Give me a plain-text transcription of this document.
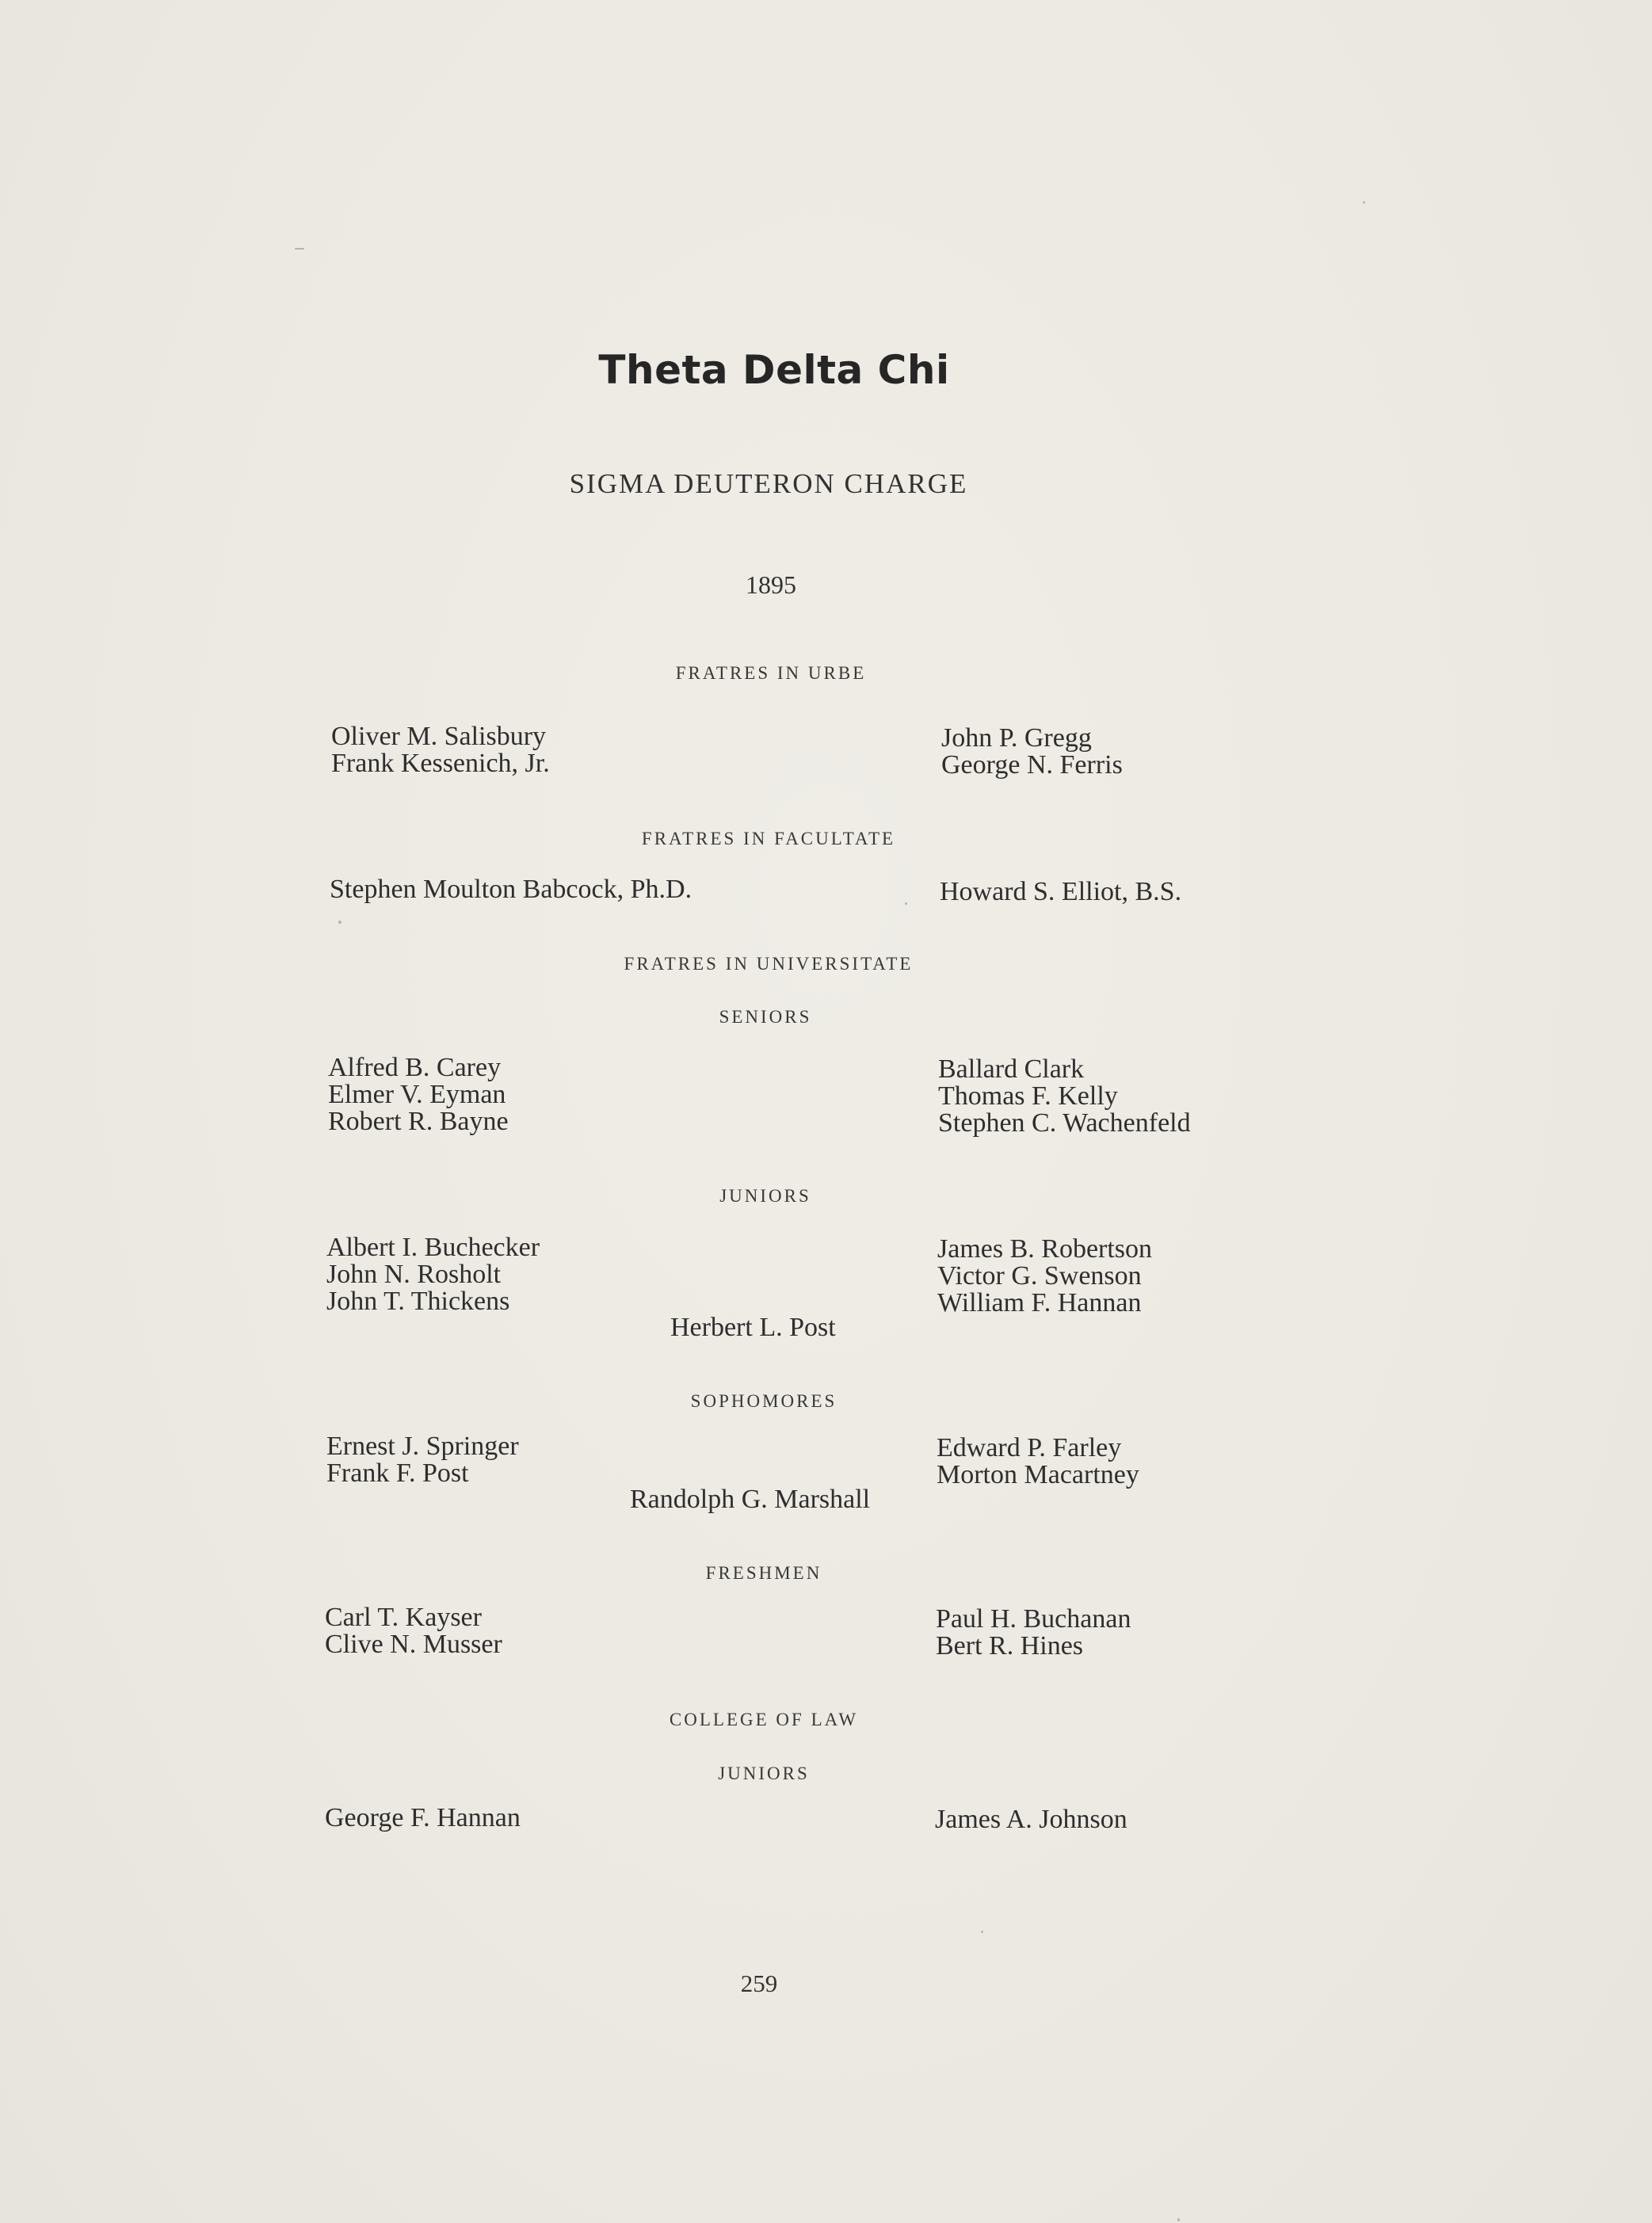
Theta Delta Chi
SIGMA DEUTERON CHARGE
1895
FRATRES IN URBE
Oliver M. Salisbury
Frank Kessenich, Jr.
John P. Gregg
George N. Ferris
FRATRES IN FACULTATE
Stephen Moulton Babcock, Ph.D.	Howard S. Elliot, B.S.
FRATRES IN UNIVERSITATE
SENIORS
Alfred B. Carey
Elmer V. Eyman
Robert R. Bayne
Ballard Clark
Thomas F. Kelly
Stephen C. Wachenfeld
JUNIORS
Albert I. Buchecker
John N. Rosholt
John T. Thickens
James B. Robertson
Victor G. Swenson
William F. Hannan
Herbert L. Post
SOPHOMORES
Ernest J. Springer
Frank F. Post
Edward P. Farley
Morton Macartney
Randolph G. Marshall
FRESHMEN
Carl T. Kayser
Clive N. Musser
Paul H. Buchanan
Bert R. Hines
COLLEGE OF LAW
JUNIORS
George F. Hannan	James A. Johnson
259
